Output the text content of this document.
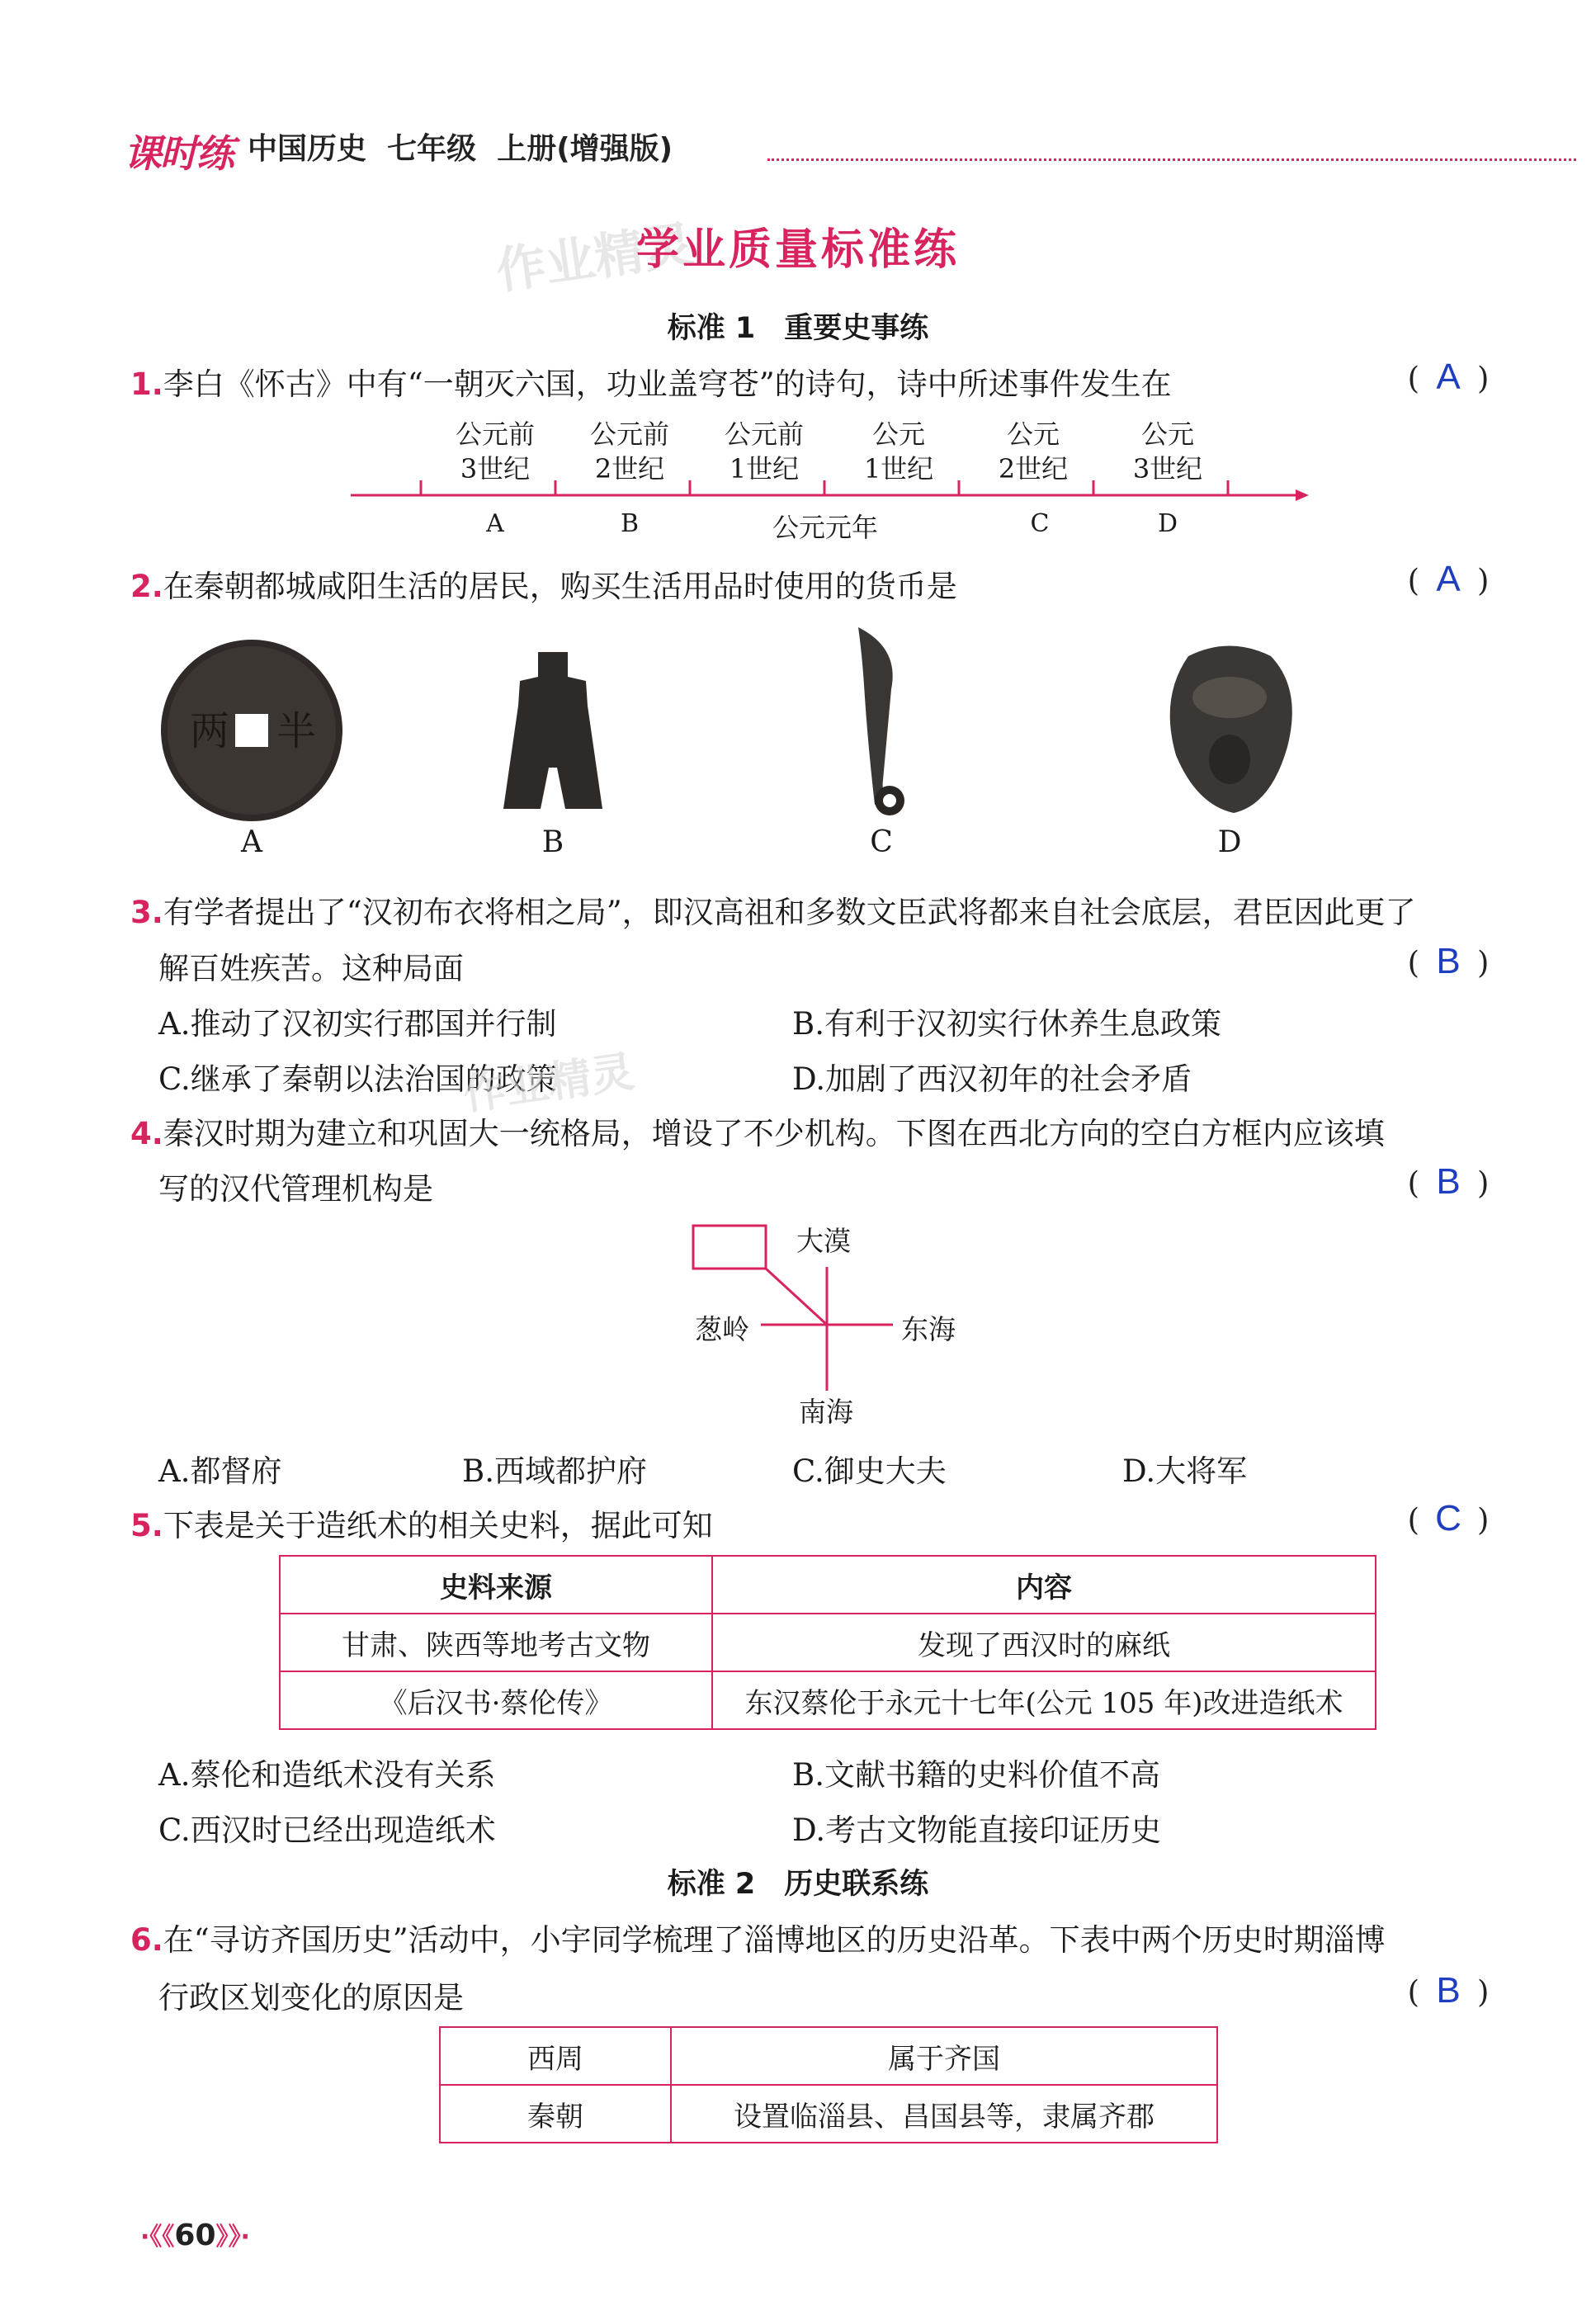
课时练 中国历史 七年级 上册(增强版)
作业精灵
学业质量标准练
标准 1　重要史事练
1.李白《怀古》中有“一朝灭六国，功业盖穹苍”的诗句，诗中所述事件发生在	( A )
公元前
3世纪
公元前
2世纪
公元前
1世纪
公元
1世纪
公元
2世纪
公元
3世纪
A	B	公元元年	C	D
2.在秦朝都城咸阳生活的居民，购买生活用品时使用的货币是	( A )
两 半
A	B	C	D
3.有学者提出了“汉初布衣将相之局”，即汉高祖和多数文臣武将都来自社会底层，君臣因此更了
解百姓疾苦。这种局面	( B )
A.推动了汉初实行郡国并行制	B.有利于汉初实行休养生息政策
C.继承了秦朝以法治国的政策	D.加剧了西汉初年的社会矛盾
作业精灵
4.秦汉时期为建立和巩固大一统格局，增设了不少机构。下图在西北方向的空白方框内应该填
写的汉代管理机构是	( B )
大漠
葱岭	东海
南海
A.都督府	B.西域都护府	C.御史大夫	D.大将军
5.下表是关于造纸术的相关史料，据此可知	( C )
史料来源	内容
甘肃、陕西等地考古文物	发现了西汉时的麻纸
《后汉书·蔡伦传》	东汉蔡伦于永元十七年(公元 105 年)改进造纸术
A.蔡伦和造纸术没有关系	B.文献书籍的史料价值不高
C.西汉时已经出现造纸术	D.考古文物能直接印证历史
标准 2　历史联系练
6.在“寻访齐国历史”活动中，小宇同学梳理了淄博地区的历史沿革。下表中两个历史时期淄博
行政区划变化的原因是	( B )
西周	属于齐国
秦朝	设置临淄县、昌国县等，隶属齐郡
·《《60》》·
